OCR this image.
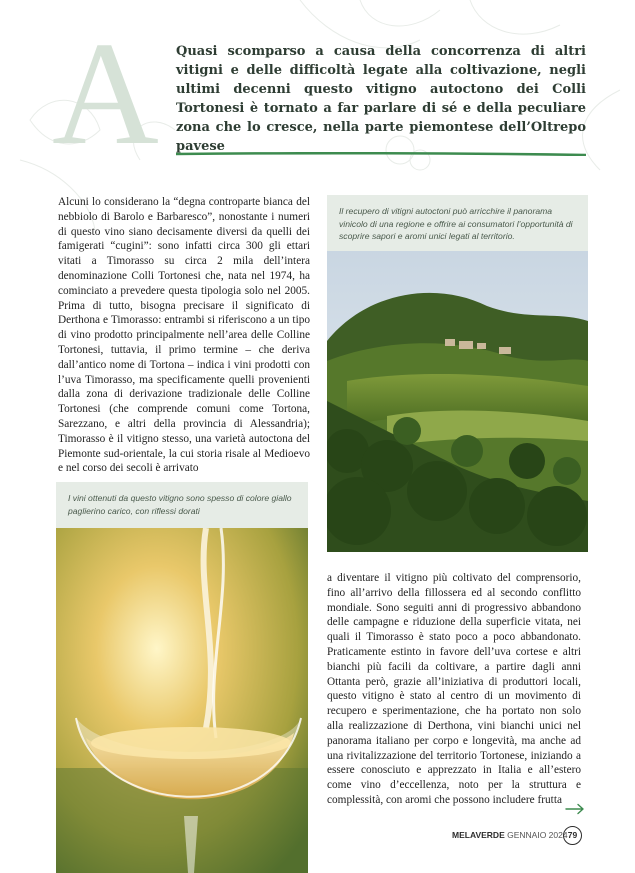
A Quasi scomparso a causa della concorrenza di altri vitigni e delle difficoltà legate alla coltivazione, negli ultimi decenni questo vitigno autoctono dei Colli Tortonesi è tornato a far parlare di sé e della peculiare zona che lo cresce, nella parte piemontese dell’Oltrepo pavese

Alcuni lo considerano la “degna controparte bianca del nebbiolo di Barolo e Barbaresco”, nonostante i numeri di questo vino siano decisamente diversi da quelli dei famigerati “cugini”: sono infatti circa 300 gli ettari vitati a Timorasso su circa 2 mila dell’intera denominazione Colli Tortonesi che, nata nel 1974, ha cominciato a prevedere questa tipologia solo nel 2005. Prima di tutto, bisogna precisare il significato di Derthona e Timorasso: entrambi si riferiscono a un tipo di vino prodotto principalmente nell’area delle Colline Tortonesi, tuttavia, il primo termine – che deriva dall’antico nome di Tortona – indica i vini prodotti con l’uva Timorasso, ma specificamente quelli provenienti dalla zona di derivazione tradizionale delle Colline Tortonesi (che comprende comuni come Tortona, Sarezzano, e altri della provincia di Alessandria); Timorasso è il vitigno stesso, una varietà autoctona del Piemonte sud-orientale, la cui storia risale al Medioevo e nel corso dei secoli è arrivato

Il recupero di vitigni autoctoni può arricchire il panorama vinicolo di una regione e offrire ai consumatori l’opportunità di scoprire sapori e aromi unici legati al territorio.
I vini ottenuti da questo vitigno sono spesso di colore giallo paglierino carico, con riflessi dorati

a diventare il vitigno più coltivato del comprensorio, fino all’arrivo della fillossera ed al secondo conflitto mondiale. Sono seguiti anni di progressivo abbandono delle campagne e riduzione della superficie vitata, nei quali il Timorasso è stato poco a poco abbandonato. Praticamente estinto in favore dell’uva cortese e altri bianchi più facili da coltivare, a partire dagli anni Ottanta però, grazie all’iniziativa di produttori locali, questo vitigno è stato al centro di un movimento di recupero e sperimentazione, che ha portato non solo alla realizzazione di Derthona, vini bianchi unici nel panorama italiano per corpo e longevità, ma anche ad una rivitalizzazione del territorio Tortonese, iniziando a essere conosciuto e apprezzato in Italia e all’estero come vino d’eccellenza, noto per la struttura e complessità, con aromi che possono includere frutta

MELAVERDE GENNAIO 2024 79
